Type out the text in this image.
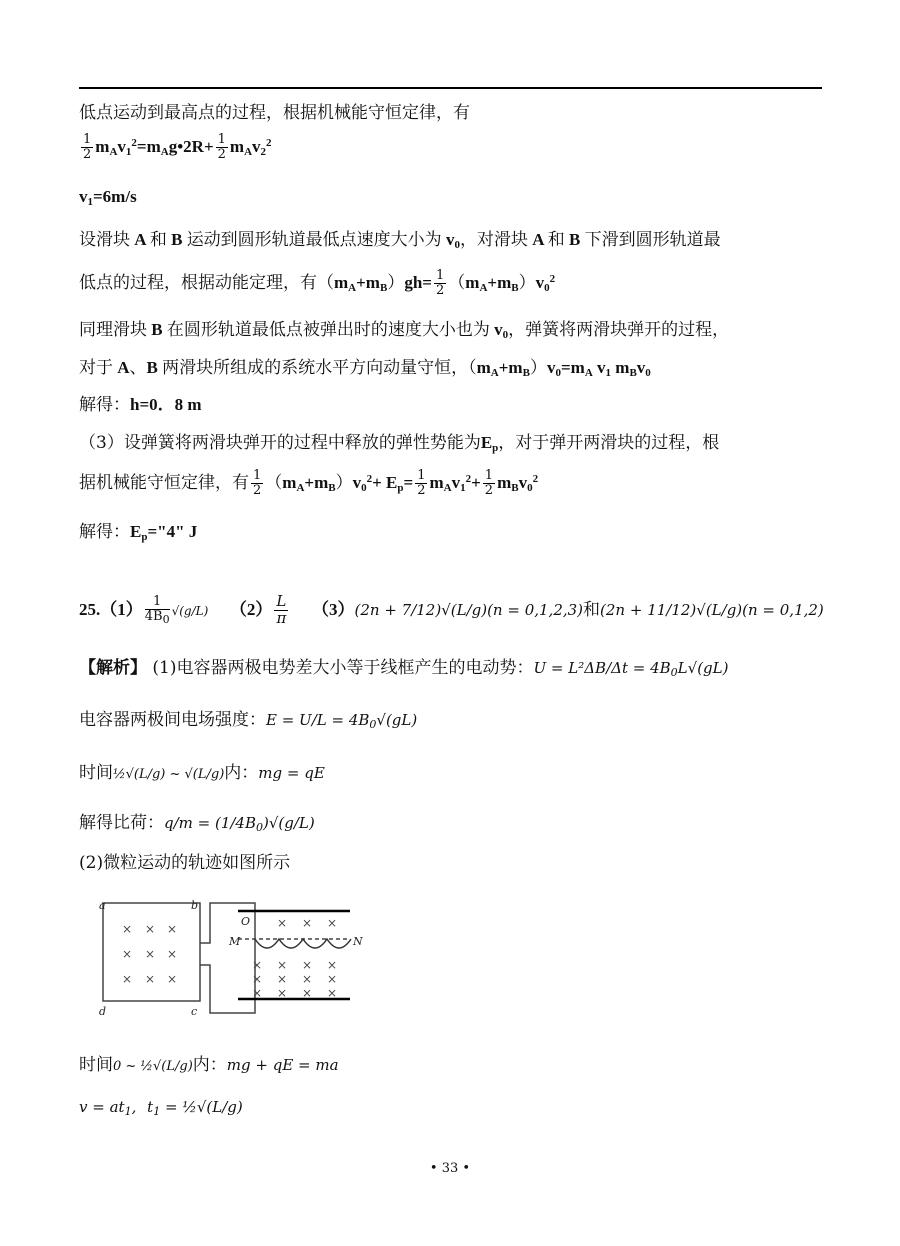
低点运动到最高点的过程，根据机械能守恒定律，有
$\frac{1}{2}$ $m_Av_1^2=m_Ag•2R+ \frac{1}{2} m_Av_2^2$
$v_1=6m/s$
设滑块 A 和 B 运动到圆形轨道最低点速度大小为 $v_0$，对滑块 A 和 B 下滑到圆形轨道最
低点的过程，根据动能定理，有$(m_A+m_B)gh= \frac{1}{2} (m_A+m_B)v_0^2$
同理滑块 B 在圆形轨道最低点被弹出时的速度大小也为 $v_0$，弹簧将两滑块弹开的过程，
对于 A、B 两滑块所组成的系统水平方向动量守恒，$(m_A+m_B)v_0=m_A$ $v_1$ $m_Bv_0$
解得：h=0．8 m
（3）设弹簧将两滑块弹开的过程中释放的弹性势能为$E_p$，对于弹开两滑块的过程，根
据机械能守恒定律，有 $\frac{1}{2} (m_A+m_B)v_0^2+ E_p= \frac{1}{2} m_Av_1^2+ \frac{1}{2} m_Bv_0^2$
解得：$E_p="4$" J
$25.(1) \frac{1}{4B_0} √(g/L)$ $(2) \frac{L}{\pi} (3)(2n + 7/12)√(L/g)(n = 0,1,2,3)$和(2n + 11/12)√(L/g)(n = 0,1,2)
【解析】 (1)电容器两极电势差大小等于线框产生的电动势：$U = L^2\Delta B/\Delta t = 4B_0L√(gL)$
电容器两极间电场强度：$E = U/L = 4B_0√(gL)$
时间½√(L/g) ~ √(L/g)内：mg = qE
解得比荷：$q/m = (1/4B_0)√(g/L)$
(2)微粒运动的轨迹如图所示
× × ×
× × ×
× × ×
× × × ×
× × × ×
× × × ×
× × ×
a	b
c
d
O
M	N
时间0 ~ ½√(L/g)内：mg + qE = ma
$v = at_1$, $t_1$ = ½√(L/g)
• 33 •
